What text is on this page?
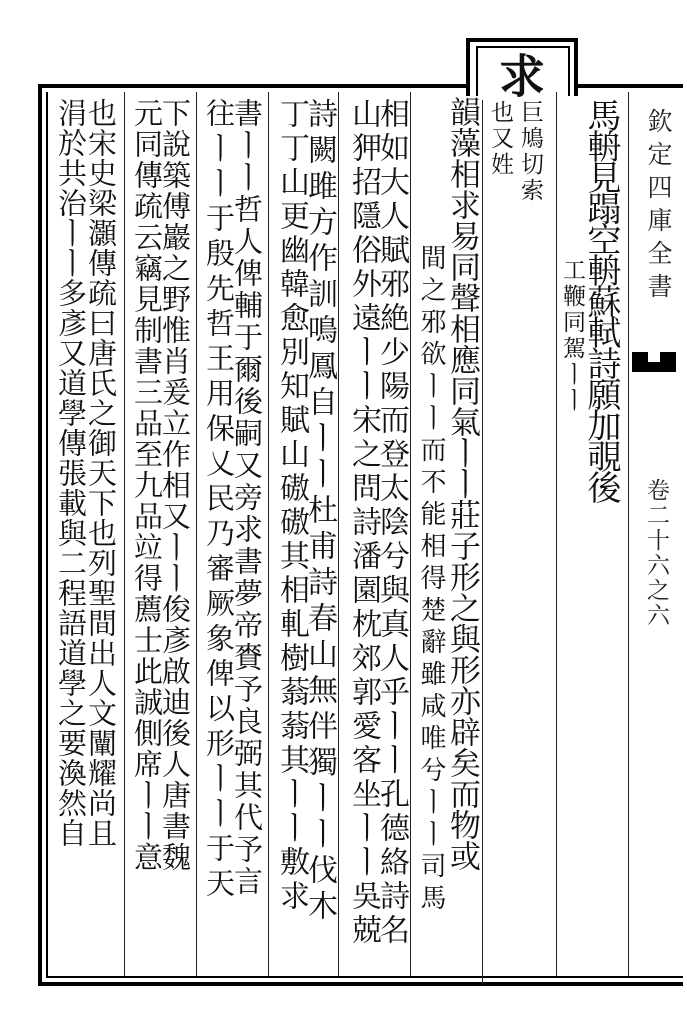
求
欽定四庫全書
卷二十六之六
馬輈見蹋空輈蘇軾詩願加覗後
工鞭同駕ㅣㅣ
巨鳩切索
也又姓
韻藻相求易同聲相應同氣ㅣㅣ莊子形之與形亦辟矣而物或
間之邪欲ㅣㅣ而不能相得楚辭雖咸唯兮ㅣㅣ司馬
相如大人賦邪絶少陽而登太陰兮與真人乎ㅣㅣ孔德絡詩名
山狎招隱俗外遠ㅣㅣ宋之問詩潘園枕郊郭愛客坐ㅣㅣ吳兢
詩闕雎方作訓鳴鳳自ㅣㅣ杜甫詩春山無伴獨ㅣㅣ伐木
丁丁山更幽韓愈別知賦山磝磝其相軋樹蓊蓊其ㅣㅣ敷求
書ㅣㅣ哲人俾輔于爾後嗣又旁求書夢帝賚予良弼其代予言
往ㅣㅣ于殷先哲王用保乂民乃審厥象俾以形ㅣㅣ于天
下說築傅巖之野惟肖爰立作相又ㅣㅣ俊彥啟迪後人唐書魏
元同傳疏云竊見制書三品至九品竝得薦士此誠側席ㅣㅣ意
也宋史梁灝傳疏曰唐氏之御天下也列聖間出人文闡耀尚且
涓於共治ㅣㅣ多彥又道學傳張載與二程語道學之要渙然自
